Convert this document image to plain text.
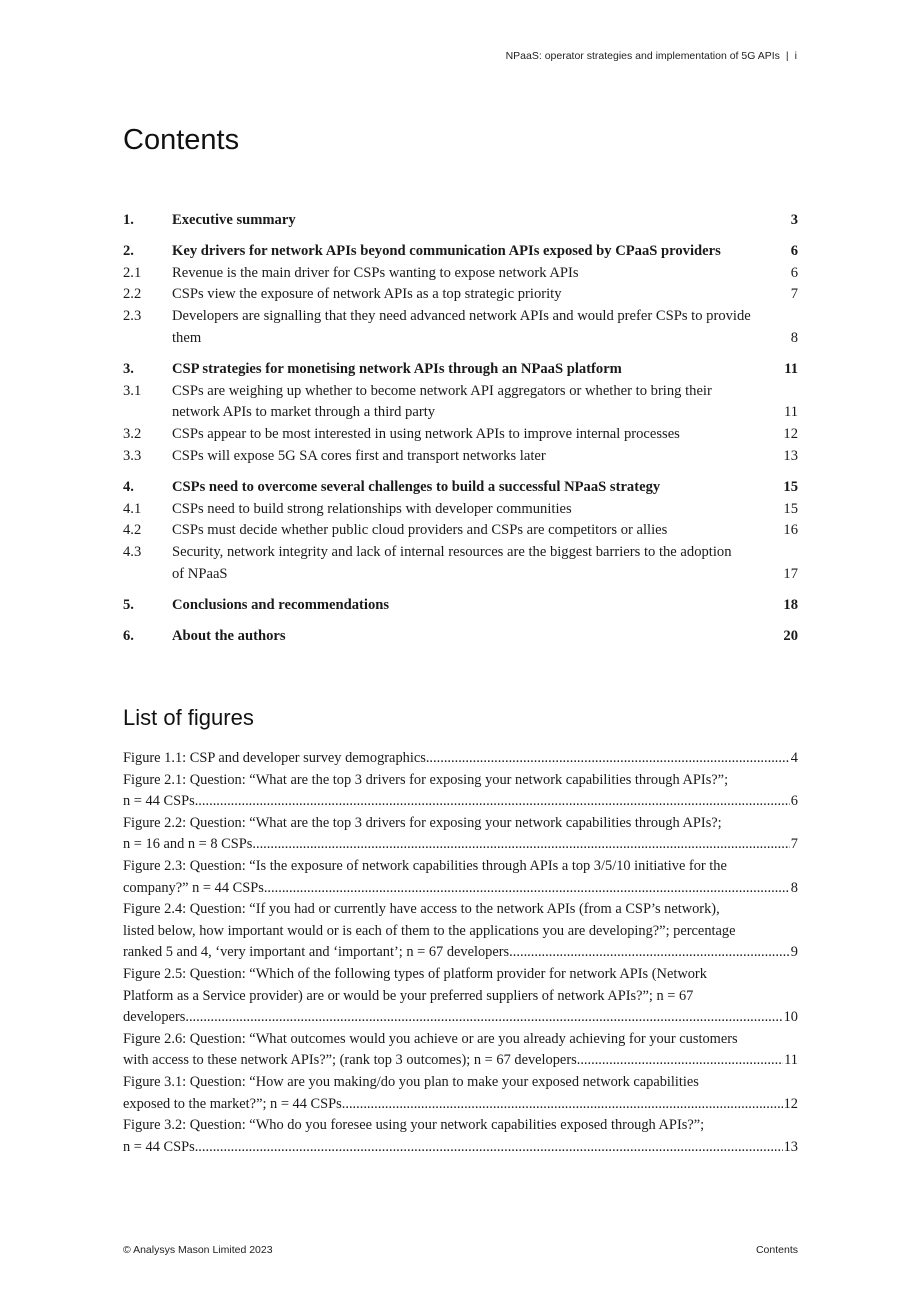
NPaaS: operator strategies and implementation of 5G APIs | i
Contents
1.	Executive summary	3
2.	Key drivers for network APIs beyond communication APIs exposed by CPaaS providers	6
2.1	Revenue is the main driver for CSPs wanting to expose network APIs	6
2.2	CSPs view the exposure of network APIs as a top strategic priority	7
2.3	Developers are signalling that they need advanced network APIs and would prefer CSPs to provide
them	8
3.	CSP strategies for monetising network APIs through an NPaaS platform	11
3.1	CSPs are weighing up whether to become network API aggregators or whether to bring their
network APIs to market through a third party	11
3.2	CSPs appear to be most interested in using network APIs to improve internal processes	12
3.3	CSPs will expose 5G SA cores first and transport networks later	13
4.	CSPs need to overcome several challenges to build a successful NPaaS strategy	15
4.1	CSPs need to build strong relationships with developer communities	15
4.2	CSPs must decide whether public cloud providers and CSPs are competitors or allies	16
4.3	Security, network integrity and lack of internal resources are the biggest barriers to the adoption
of NPaaS	17
5.	Conclusions and recommendations	18
6.	About the authors	20
List of figures
Figure 1.1: CSP and developer survey demographics .....	4
Figure 2.1: Question: “What are the top 3 drivers for exposing your network capabilities through APIs?”;
n = 44 CSPs .....	6
Figure 2.2: Question: “What are the top 3 drivers for exposing your network capabilities through APIs?;
n = 16 and n = 8 CSPs .....	7
Figure 2.3: Question: “Is the exposure of network capabilities through APIs a top 3/5/10 initiative for the
company?” n = 44 CSPs .....	8
Figure 2.4: Question: “If you had or currently have access to the network APIs (from a CSP’s network),
listed below, how important would or is each of them to the applications you are developing?”; percentage
ranked 5 and 4, ‘very important and ‘important’; n = 67 developers .....	9
Figure 2.5: Question: “Which of the following types of platform provider for network APIs (Network
Platform as a Service provider) are or would be your preferred suppliers of network APIs?”; n = 67
developers .....	10
Figure 2.6: Question: “What outcomes would you achieve or are you already achieving for your customers
with access to these network APIs?”; (rank top 3 outcomes); n = 67 developers .....	11
Figure 3.1: Question: “How are you making/do you plan to make your exposed network capabilities
exposed to the market?”; n = 44 CSPs .....	12
Figure 3.2: Question: “Who do you foresee using your network capabilities exposed through APIs?”;
n = 44 CSPs .....	13
© Analysys Mason Limited 2023	Contents
